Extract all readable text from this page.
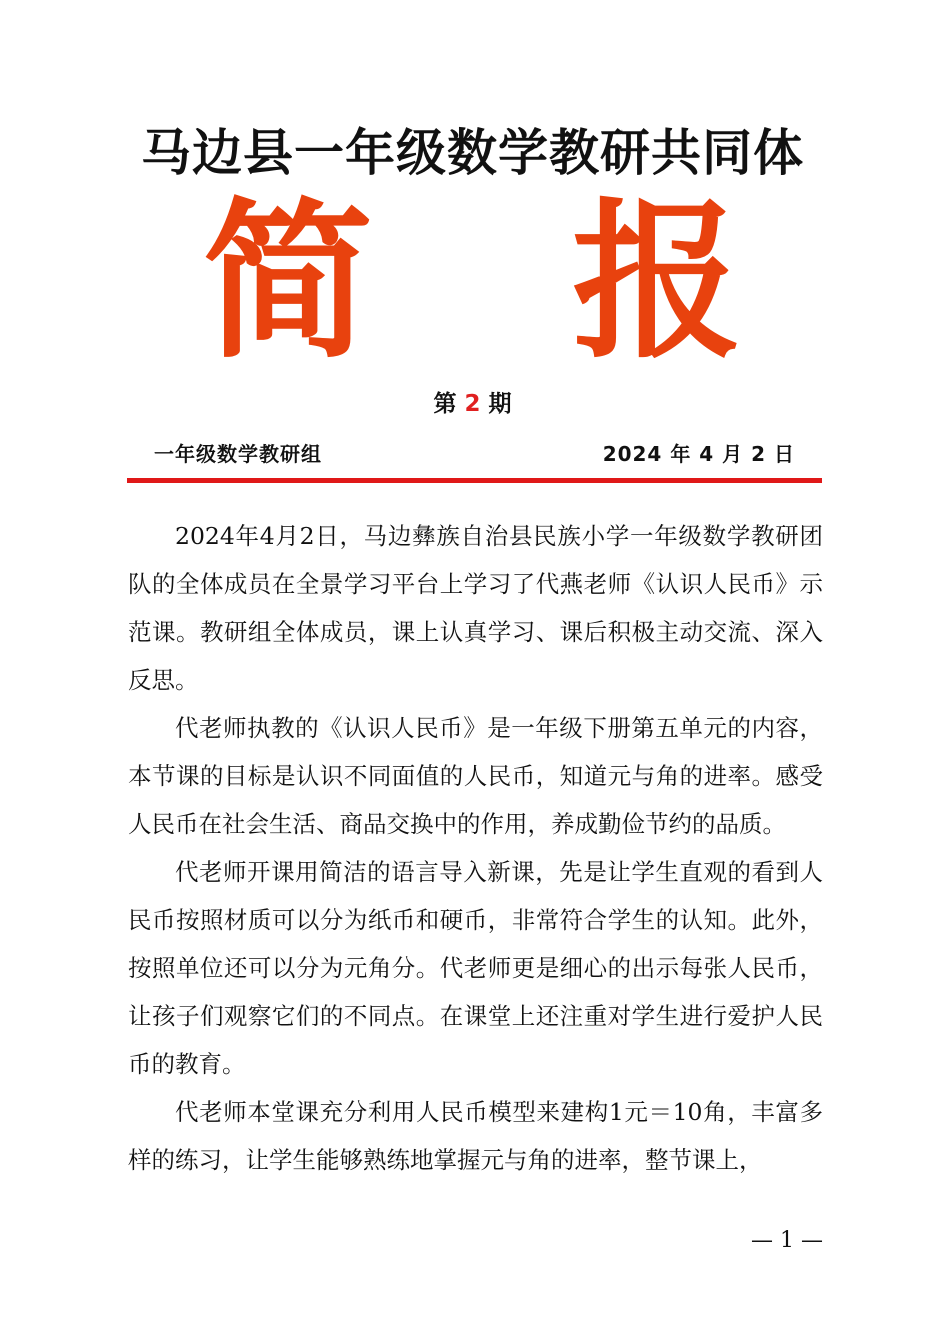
马边县一年级数学教研共同体
简 报
第 2 期
一年级数学教研组	2024 年 4 月 2 日

2024年4月2日，马边彝族自治县民族小学一年级数学教研团队的全体成员在全景学习平台上学习了代燕老师《认识人民币》示范课。教研组全体成员，课上认真学习、课后积极主动交流、深入反思。

代老师执教的《认识人民币》是一年级下册第五单元的内容，本节课的目标是认识不同面值的人民币，知道元与角的进率。感受人民币在社会生活、商品交换中的作用，养成勤俭节约的品质。

代老师开课用简洁的语言导入新课，先是让学生直观的看到人民币按照材质可以分为纸币和硬币，非常符合学生的认知。此外，按照单位还可以分为元角分。代老师更是细心的出示每张人民币，让孩子们观察它们的不同点。在课堂上还注重对学生进行爱护人民币的教育。

代老师本堂课充分利用人民币模型来建构1元＝10角，丰富多样的练习，让学生能够熟练地掌握元与角的进率，整节课上，

— 1 —
